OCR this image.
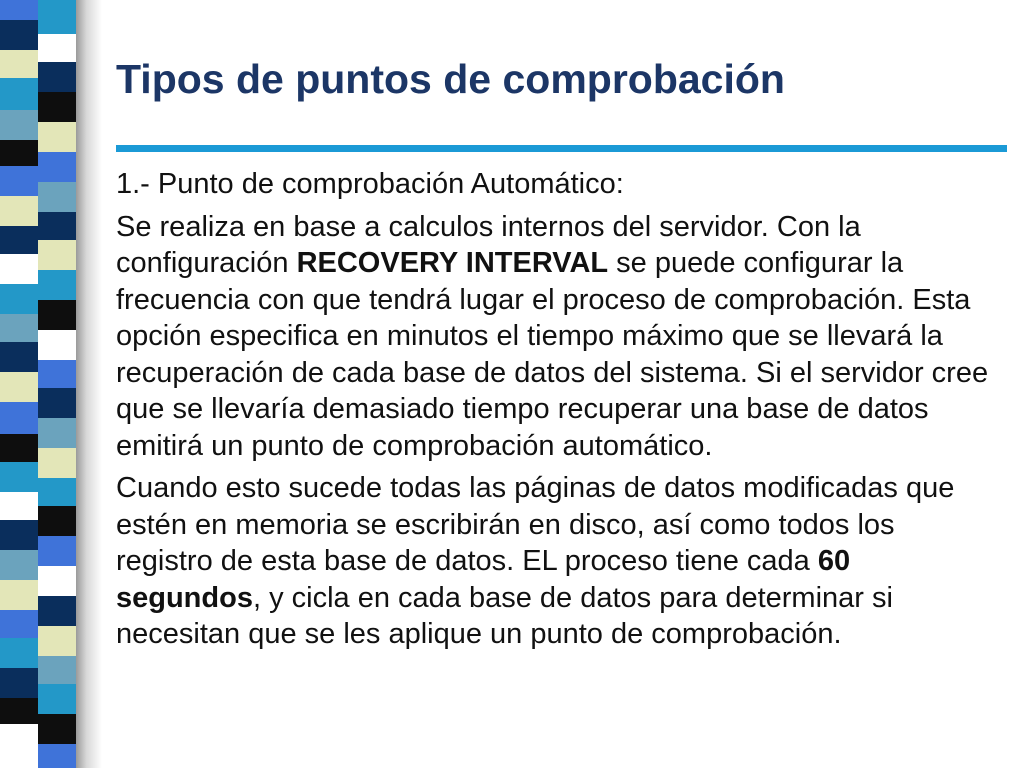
Tipos de puntos de comprobación

1.- Punto de comprobación Automático:

Se realiza en base a calculos internos del servidor. Con la configuración RECOVERY INTERVAL se puede configurar la frecuencia con que tendrá lugar el proceso de comprobación. Esta opción especifica en minutos el tiempo máximo que se llevará la recuperación de cada base de datos del sistema. Si el servidor cree que se llevaría demasiado tiempo recuperar una base de datos emitirá un punto de comprobación automático.

Cuando esto sucede todas las páginas de datos modificadas que estén en memoria se escribirán en disco, así como todos los registro de esta base de datos. EL proceso tiene cada 60 segundos, y cicla en cada base de datos para determinar si necesitan que se les aplique un punto de comprobación.
